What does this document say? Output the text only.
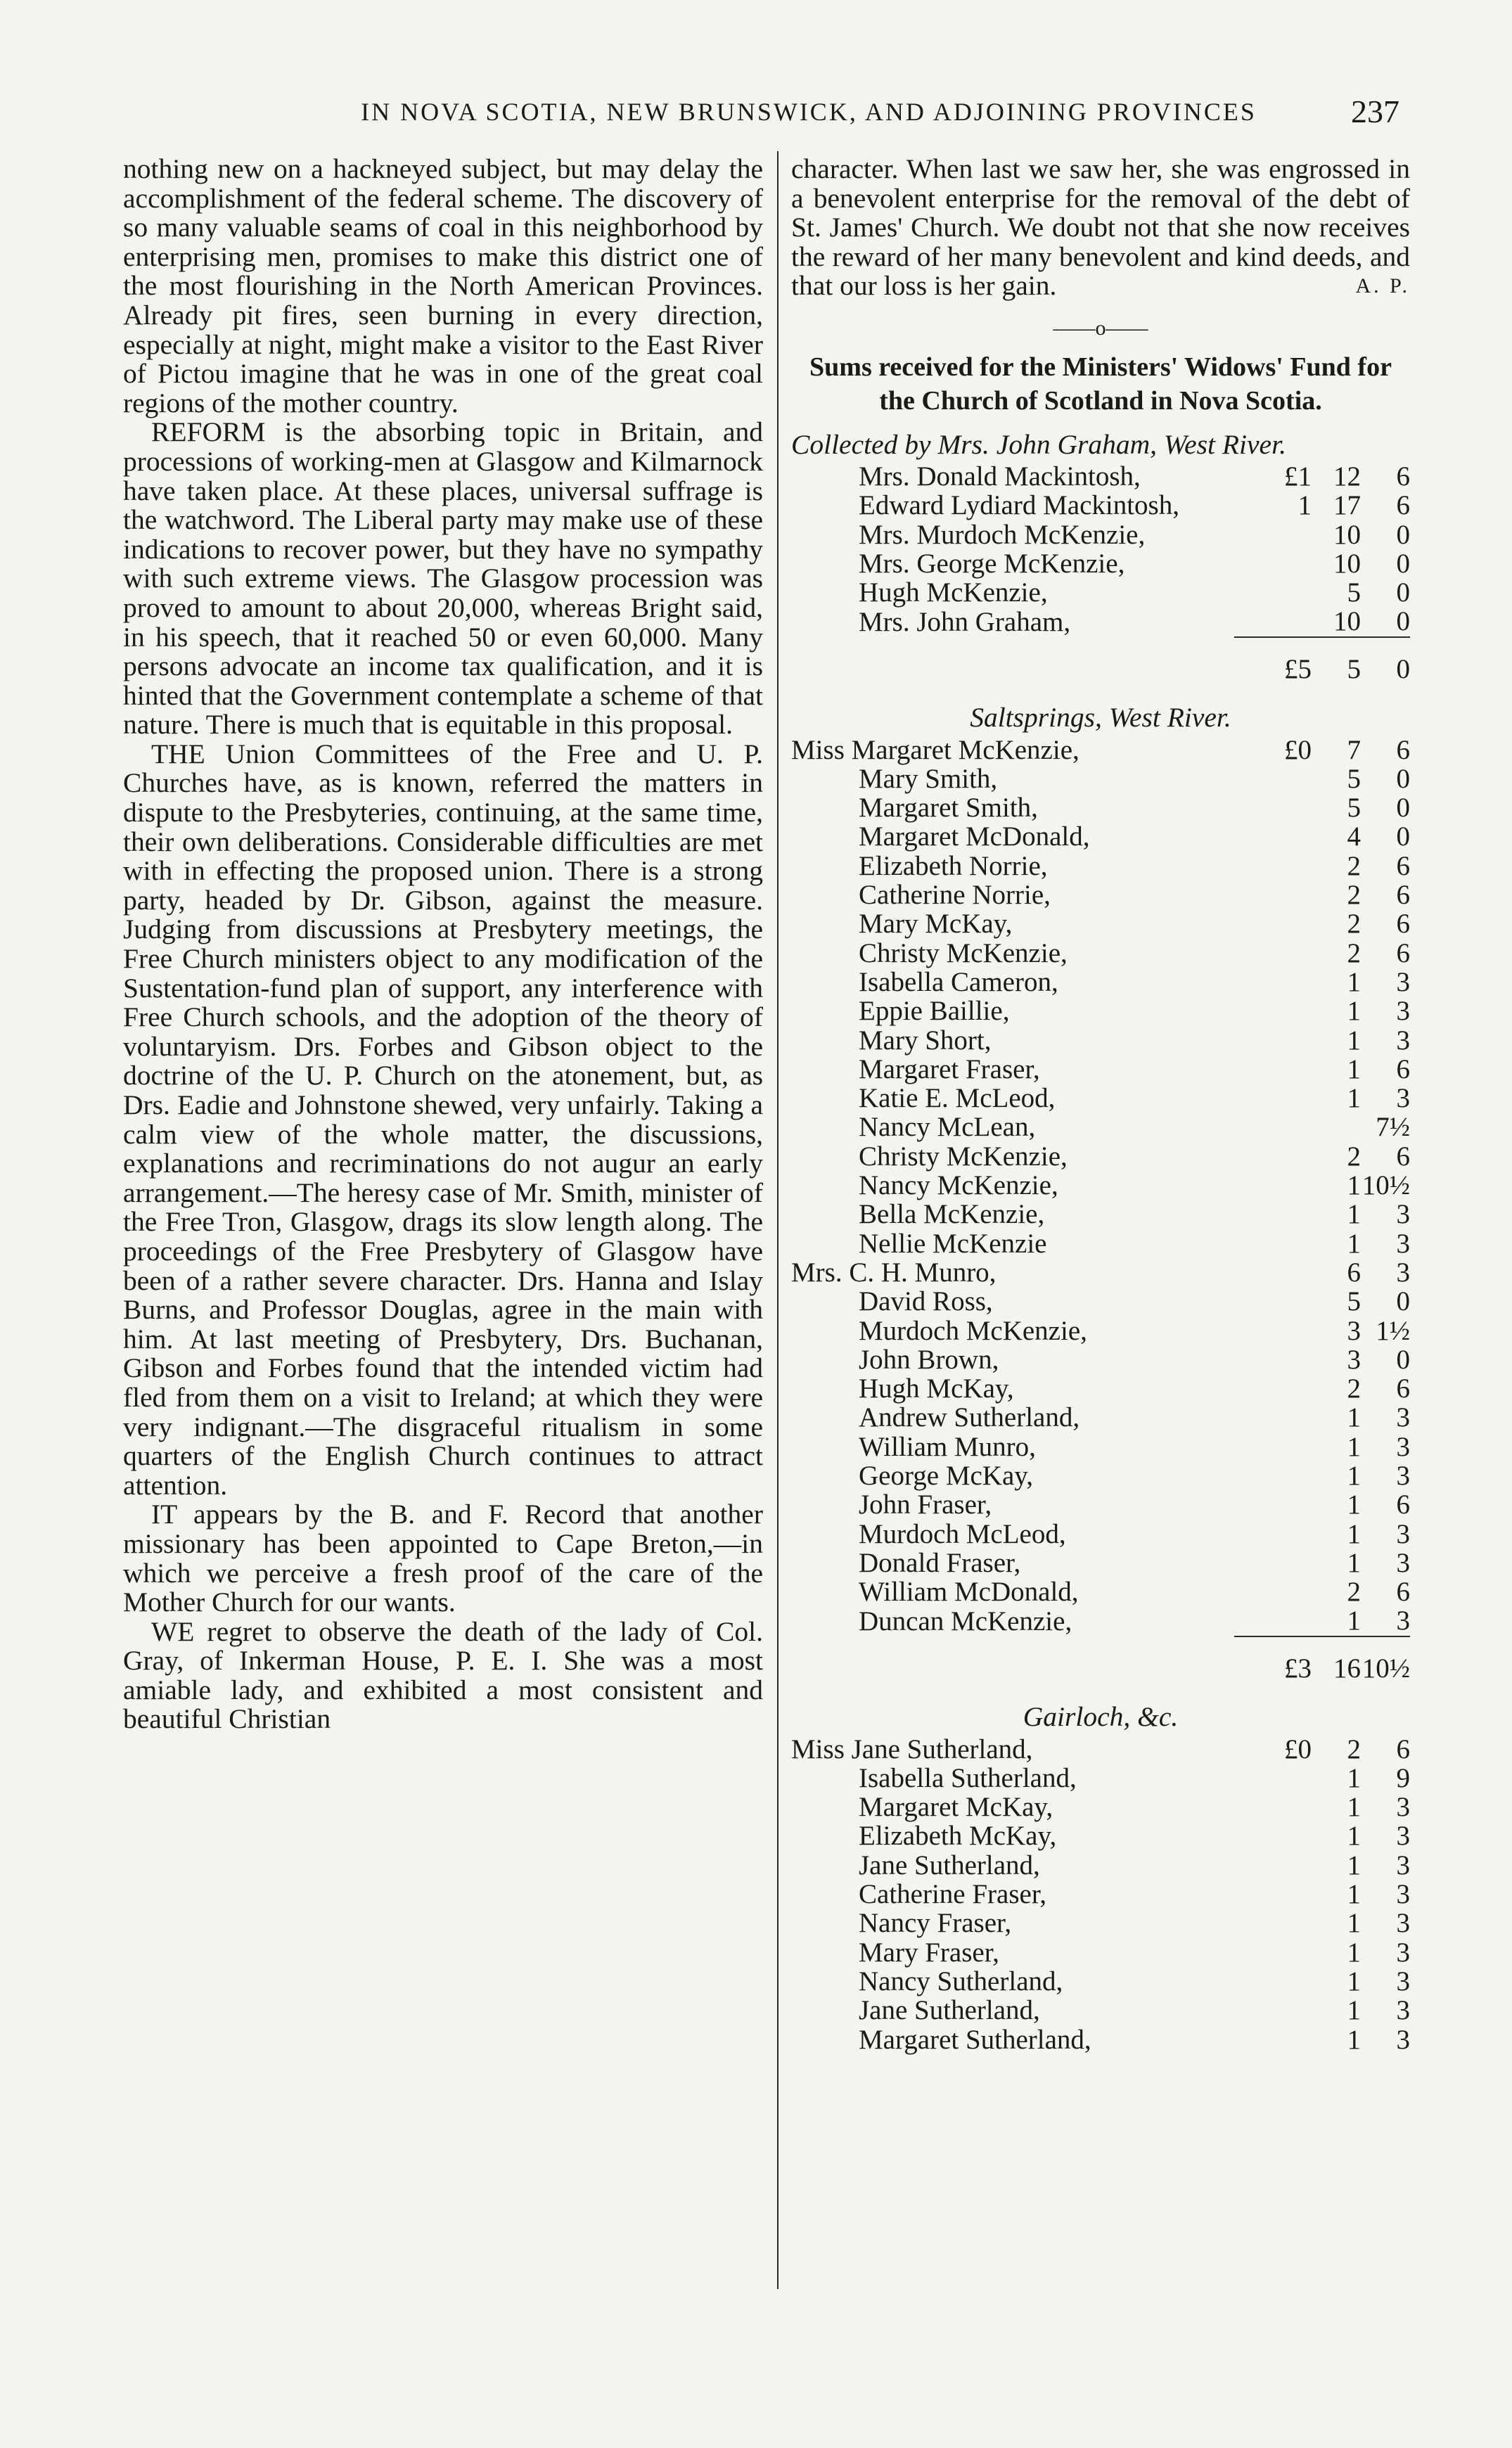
IN NOVA SCOTIA, NEW BRUNSWICK, AND ADJOINING PROVINCES	237

nothing new on a hackneyed subject, but may delay the accomplishment of the federal scheme. The discovery of so many valuable seams of coal in this neighborhood by enterprising men, promises to make this district one of the most flourishing in the North American Provinces. Already pit fires, seen burning in every direction, especially at night, might make a visitor to the East River of Pictou imagine that he was in one of the great coal regions of the mother country.

REFORM is the absorbing topic in Britain, and processions of working-men at Glasgow and Kilmarnock have taken place. At these places, universal suffrage is the watchword. The Liberal party may make use of these indications to recover power, but they have no sympathy with such extreme views. The Glasgow procession was proved to amount to about 20,000, whereas Bright said, in his speech, that it reached 50 or even 60,000. Many persons advocate an income tax qualification, and it is hinted that the Government contemplate a scheme of that nature. There is much that is equitable in this proposal.

THE Union Committees of the Free and U. P. Churches have, as is known, referred the matters in dispute to the Presbyteries, continuing, at the same time, their own deliberations. Considerable difficulties are met with in effecting the proposed union. There is a strong party, headed by Dr. Gibson, against the measure. Judging from discussions at Presbytery meetings, the Free Church ministers object to any modification of the Sustentation-fund plan of support, any interference with Free Church schools, and the adoption of the theory of voluntaryism. Drs. Forbes and Gibson object to the doctrine of the U. P. Church on the atonement, but, as Drs. Eadie and Johnstone shewed, very unfairly. Taking a calm view of the whole matter, the discussions, explanations and recriminations do not augur an early arrangement.—The heresy case of Mr. Smith, minister of the Free Tron, Glasgow, drags its slow length along. The proceedings of the Free Presbytery of Glasgow have been of a rather severe character. Drs. Hanna and Islay Burns, and Professor Douglas, agree in the main with him. At last meeting of Presbytery, Drs. Buchanan, Gibson and Forbes found that the intended victim had fled from them on a visit to Ireland; at which they were very indignant.—The disgraceful ritualism in some quarters of the English Church continues to attract attention.

IT appears by the B. and F. Record that another missionary has been appointed to Cape Breton,—in which we perceive a fresh proof of the care of the Mother Church for our wants.

WE regret to observe the death of the lady of Col. Gray, of Inkerman House, P. E. I. She was a most amiable lady, and exhibited a most consistent and beautiful Christian

character. When last we saw her, she was engrossed in a benevolent enterprise for the removal of the debt of St. James' Church. We doubt not that she now receives the reward of her many benevolent and kind deeds, and that our loss is her gain.	A. P.

——o——
Sums received for the Ministers' Widows' Fund for the Church of Scotland in Nova Scotia.
Collected by Mrs. John Graham, West River.
Mrs. Donald Mackintosh,	£1	12	6
Edward Lydiard Mackintosh,	1	17	6
Mrs. Murdoch McKenzie,		10	0
Mrs. George McKenzie,		10	0
Hugh McKenzie,		5	0
Mrs. John Graham,		10	0
	£5	5	0
Saltsprings, West River.
Miss Margaret McKenzie,	£0	7	6
Mary Smith,		5	0
Margaret Smith,		5	0
Margaret McDonald,		4	0
Elizabeth Norrie,		2	6
Catherine Norrie,		2	6
Mary McKay,		2	6
Christy McKenzie,		2	6
Isabella Cameron,		1	3
Eppie Baillie,		1	3
Mary Short,		1	3
Margaret Fraser,		1	6
Katie E. McLeod,		1	3
Nancy McLean,			7½
Christy McKenzie,		2	6
Nancy McKenzie,		1	10½
Bella McKenzie,		1	3
Nellie McKenzie		1	3
Mrs. C. H. Munro,		6	3
David Ross,		5	0
Murdoch McKenzie,		3	1½
John Brown,		3	0
Hugh McKay,		2	6
Andrew Sutherland,		1	3
William Munro,		1	3
George McKay,		1	3
John Fraser,		1	6
Murdoch McLeod,		1	3
Donald Fraser,		1	3
William McDonald,		2	6
Duncan McKenzie,		1	3
	£3	16	10½
Gairloch, &c.
Miss Jane Sutherland,	£0	2	6
Isabella Sutherland,		1	9
Margaret McKay,		1	3
Elizabeth McKay,		1	3
Jane Sutherland,		1	3
Catherine Fraser,		1	3
Nancy Fraser,		1	3
Mary Fraser,		1	3
Nancy Sutherland,		1	3
Jane Sutherland,		1	3
Margaret Sutherland,		1	3
